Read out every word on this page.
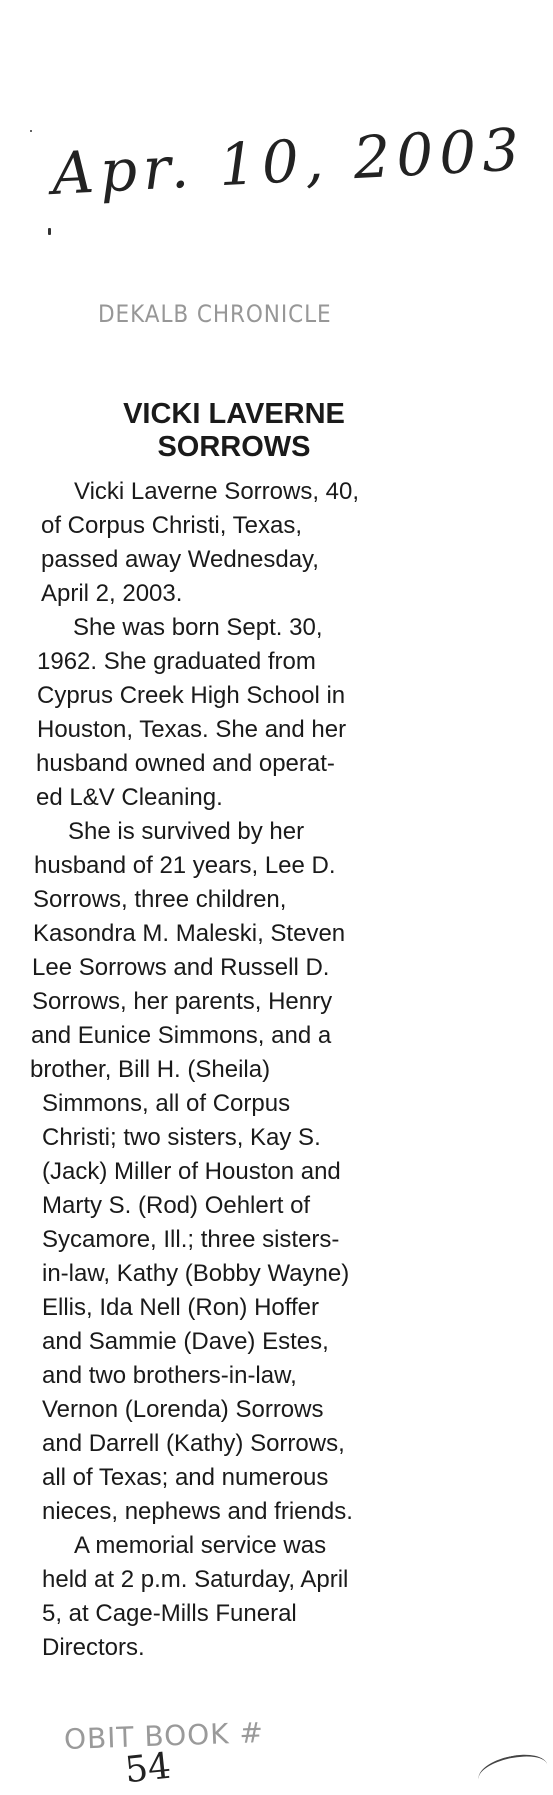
Apr. 10, 2003
DEKALB CHRONICLE
VICKI LAVERNE
SORROWS
Vicki Laverne Sorrows, 40,
of Corpus Christi, Texas,
passed away Wednesday,
April 2, 2003.
She was born Sept. 30,
1962. She graduated from
Cyprus Creek High School in
Houston, Texas. She and her
husband owned and operat-
ed L&V Cleaning.
She is survived by her
husband of 21 years, Lee D.
Sorrows, three children,
Kasondra M. Maleski, Steven
Lee Sorrows and Russell D.
Sorrows, her parents, Henry
and Eunice Simmons, and a
brother, Bill H. (Sheila)
Simmons, all of Corpus
Christi; two sisters, Kay S.
(Jack) Miller of Houston and
Marty S. (Rod) Oehlert of
Sycamore, Ill.; three sisters-
in-law, Kathy (Bobby Wayne)
Ellis, Ida Nell (Ron) Hoffer
and Sammie (Dave) Estes,
and two brothers-in-law,
Vernon (Lorenda) Sorrows
and Darrell (Kathy) Sorrows,
all of Texas; and numerous
nieces, nephews and friends.
A memorial service was
held at 2 p.m. Saturday, April
5, at Cage-Mills Funeral
Directors.
OBIT BOOK #
54
